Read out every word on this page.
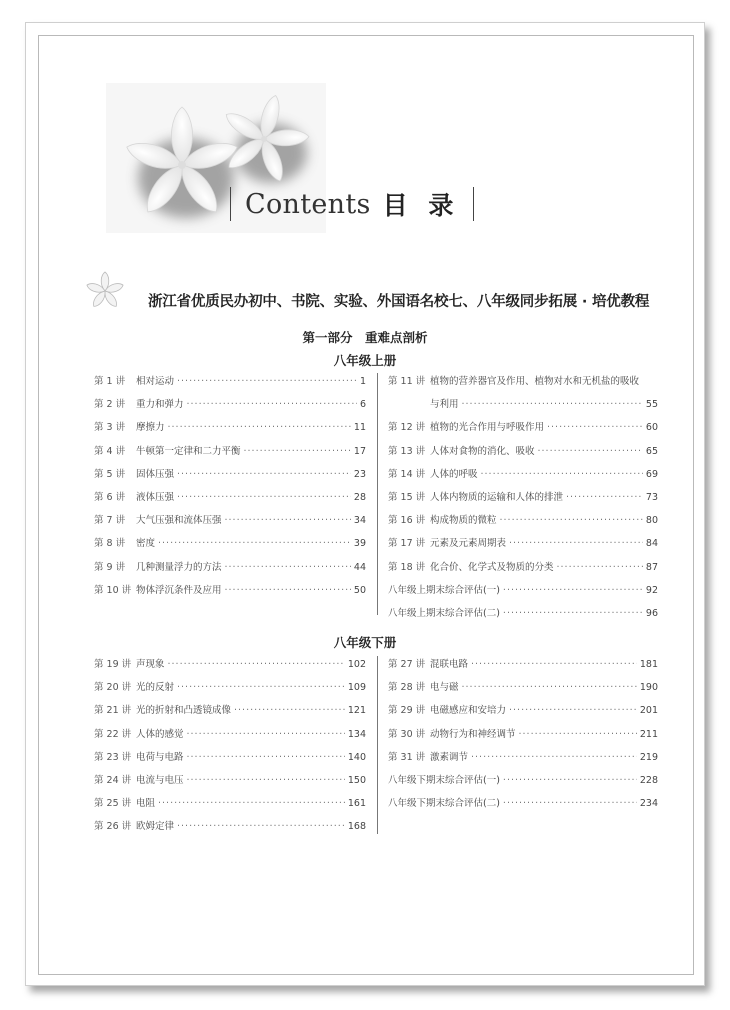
Contents 目 录
浙江省优质民办初中、书院、实验、外国语名校七、八年级同步拓展 · 培优教程
第一部分　重难点剖析
八年级上册
第 1 讲	相对运动 ·····	1
第 2 讲	重力和弹力 ·····	6
第 3 讲	摩擦力 ·····	11
第 4 讲	牛顿第一定律和二力平衡 ·····	17
第 5 讲	固体压强 ·····	23
第 6 讲	液体压强 ·····	28
第 7 讲	大气压强和流体压强 ·····	34
第 8 讲	密度 ·····	39
第 9 讲	几种测量浮力的方法 ·····	44
第 10 讲 物体浮沉条件及应用 ·····	50
第 11 讲 植物的营养器官及作用、植物对水和无机盐的吸收
与利用 ·····	55
第 12 讲 植物的光合作用与呼吸作用 ·····	60
第 13 讲 人体对食物的消化、吸收 ·····	65
第 14 讲 人体的呼吸 ·····	69
第 15 讲 人体内物质的运输和人体的排泄 ·····	73
第 16 讲 构成物质的微粒 ·····	80
第 17 讲 元素及元素周期表 ·····	84
第 18 讲 化合价、化学式及物质的分类 ·····	87
八年级上期末综合评估(一) ·····	92
八年级上期末综合评估(二) ·····	96
八年级下册
第 19 讲 声现象 ·····	102
第 20 讲 光的反射 ·····	109
第 21 讲 光的折射和凸透镜成像 ·····	121
第 22 讲 人体的感觉 ·····	134
第 23 讲 电荷与电路 ·····	140
第 24 讲 电流与电压 ·····	150
第 25 讲 电阻 ·····	161
第 26 讲 欧姆定律 ·····	168
第 27 讲 混联电路 ·····	181
第 28 讲 电与磁 ·····	190
第 29 讲 电磁感应和安培力 ·····	201
第 30 讲 动物行为和神经调节 ·····	211
第 31 讲 激素调节 ·····	219
八年级下期末综合评估(一) ·····	228
八年级下期末综合评估(二) ·····	234
